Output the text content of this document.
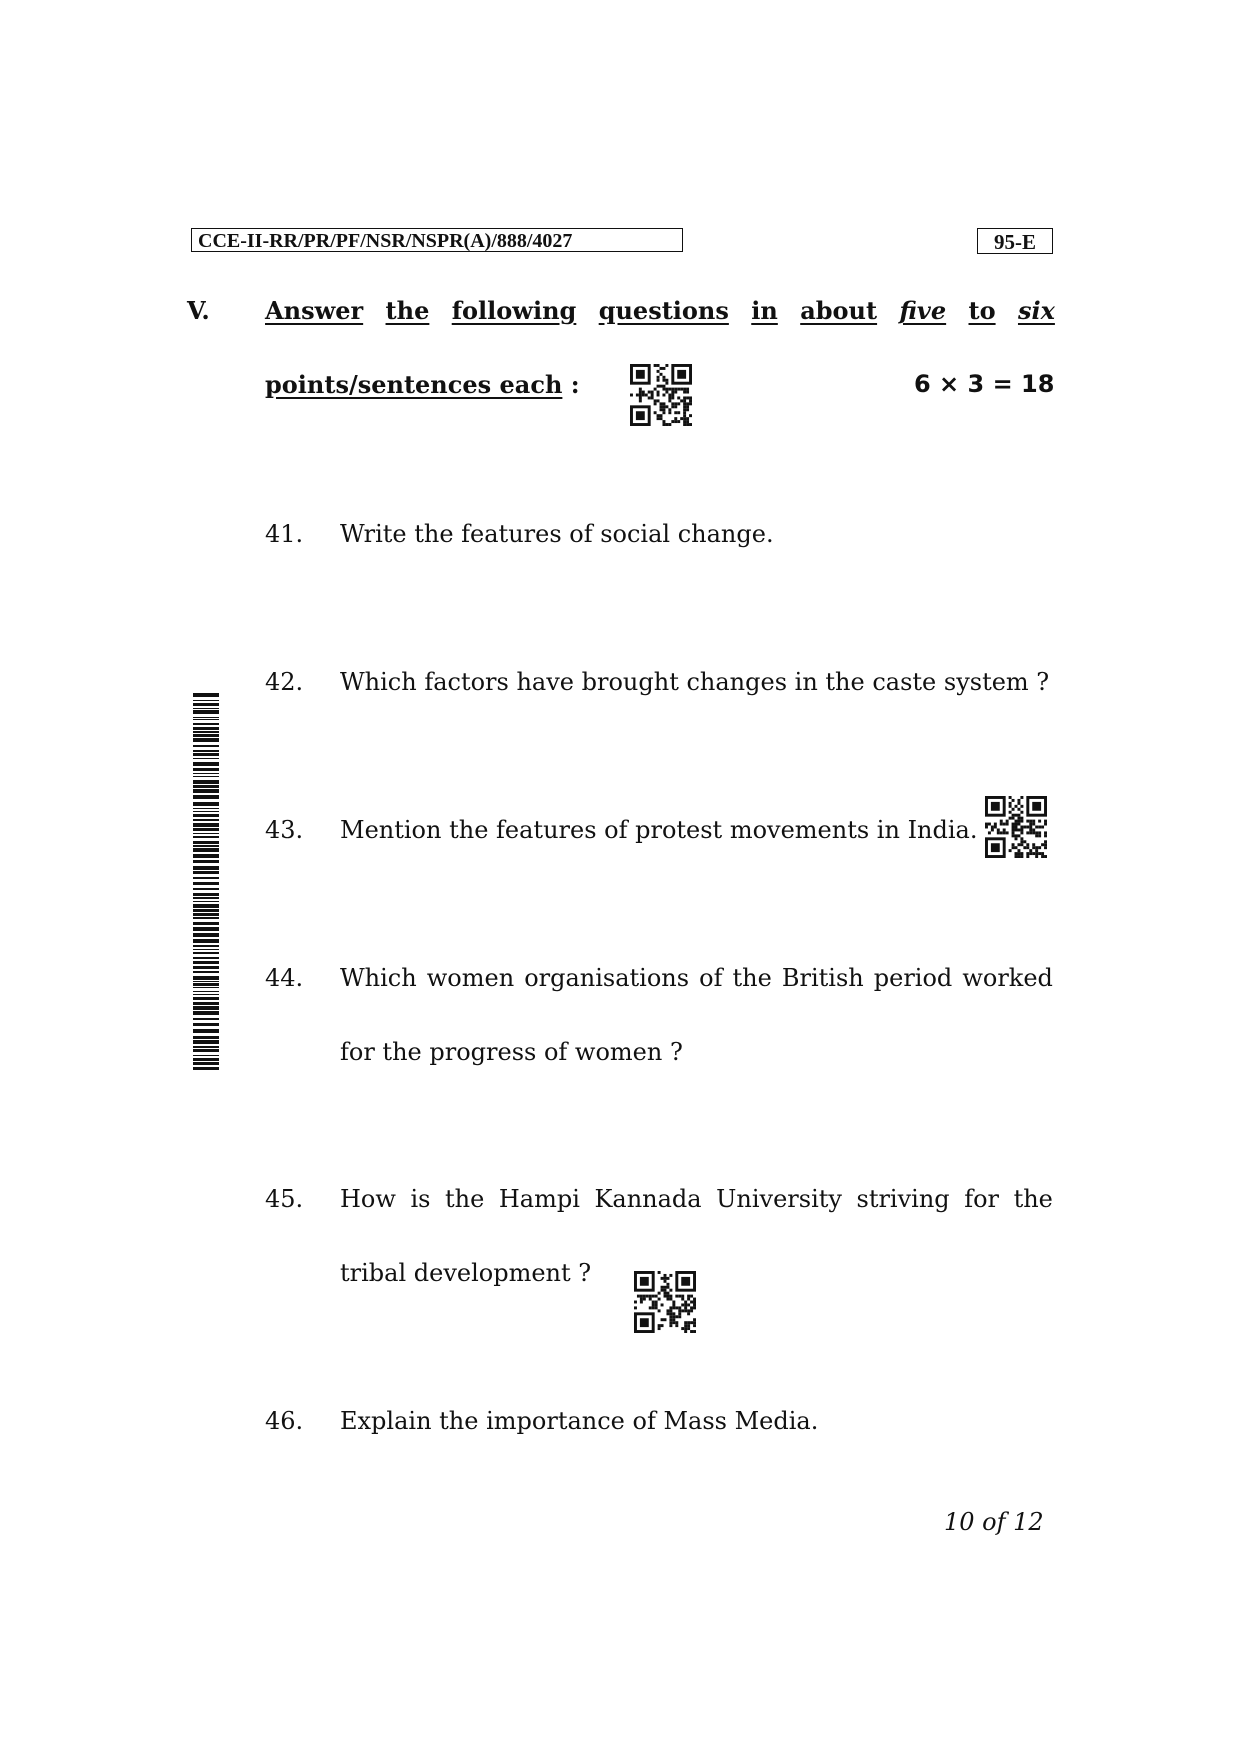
CCE-II-RR/PR/PF/NSR/NSPR(A)/888/4027	95-E
V. Answer the following questions in about five to six
points/sentences each :	6 × 3 = 18
41. Write the features of social change.
42. Which factors have brought changes in the caste system ?
43. Mention the features of protest movements in India.
44. Which women organisations of the British period worked
for the progress of women ?
45. How is the Hampi Kannada University striving for the
tribal development ?
46. Explain the importance of Mass Media.
10 of 12
